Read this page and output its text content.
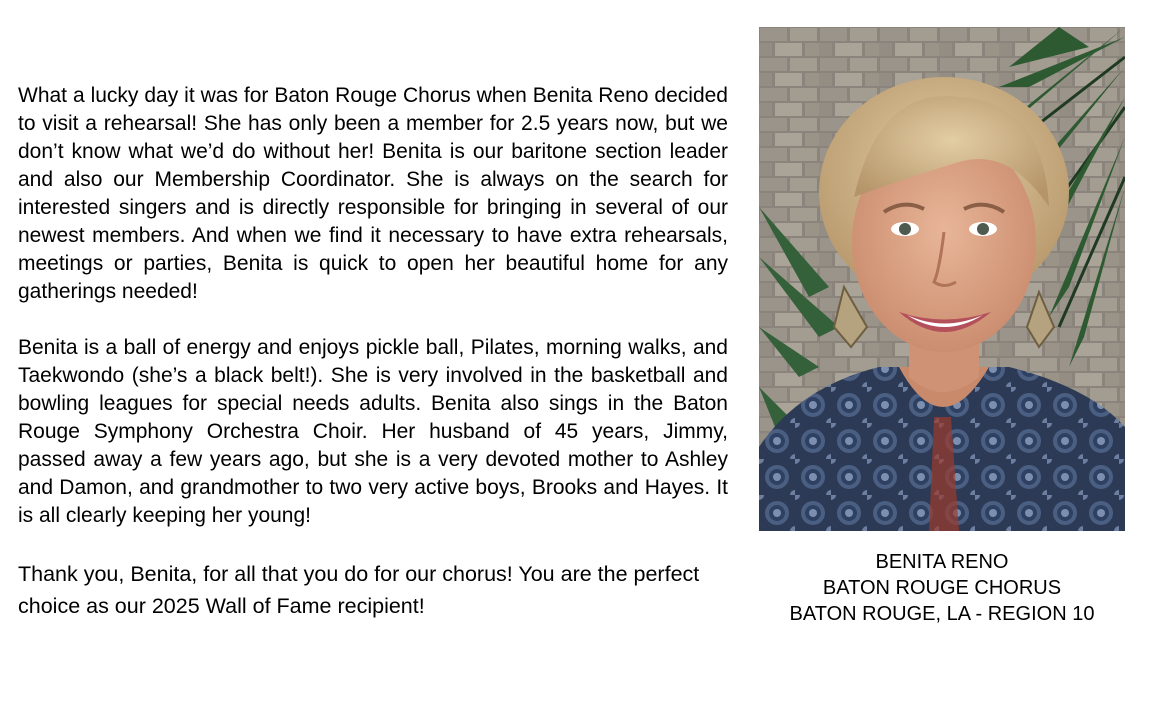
What a lucky day it was for Baton Rouge Chorus when Benita Reno decided to visit a rehearsal! She has only been a member for 2.5 years now, but we don’t know what we’d do without her! Benita is our baritone section leader and also our Membership Coordinator. She is always on the search for interested singers and is directly responsible for bringing in several of our newest members. And when we find it necessary to have extra rehearsals, meetings or parties, Benita is quick to open her beautiful home for any gatherings needed!

Benita is a ball of energy and enjoys pickle ball, Pilates, morning walks, and Taekwondo (she’s a black belt!). She is very involved in the basketball and bowling leagues for special needs adults. Benita also sings in the Baton Rouge Symphony Orchestra Choir. Her husband of 45 years, Jimmy, passed away a few years ago, but she is a very devoted mother to Ashley and Damon, and grandmother to two very active boys, Brooks and Hayes. It is all clearly keeping her young!

Thank you, Benita, for all that you do for our chorus! You are the perfect choice as our 2025 Wall of Fame recipient!

BENITA RENO
BATON ROUGE CHORUS
BATON ROUGE, LA - REGION 10
